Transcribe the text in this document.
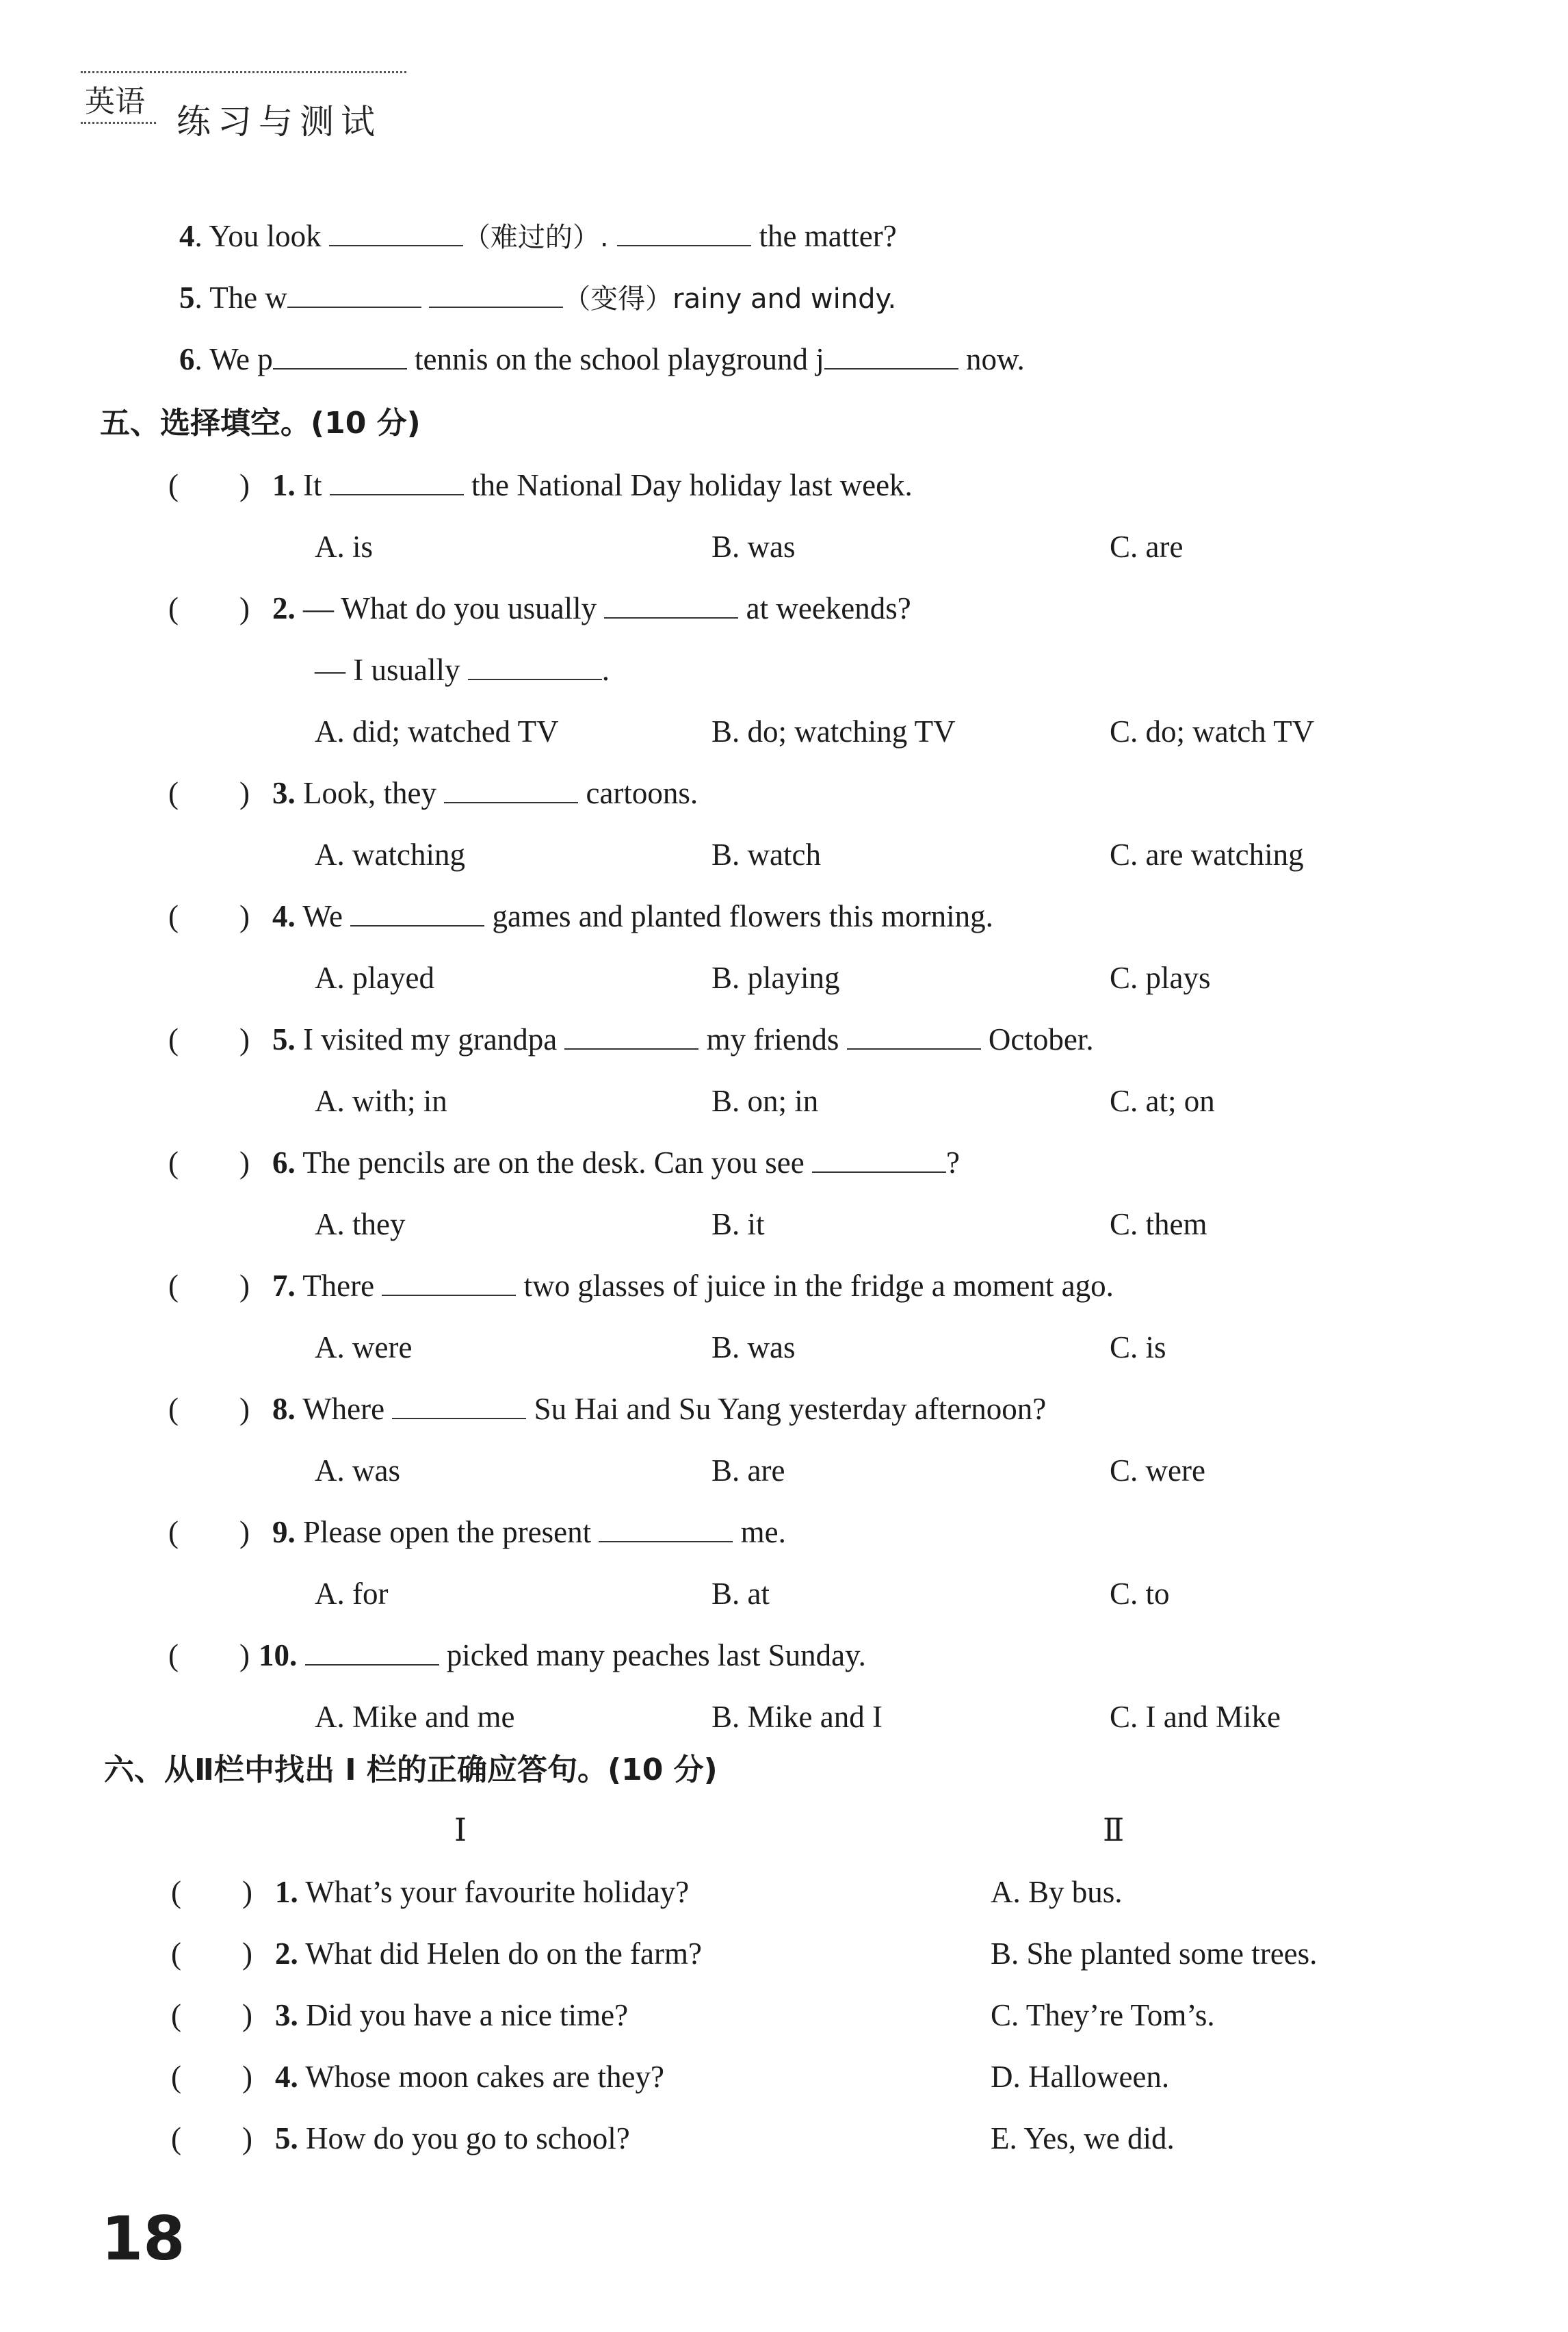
英语
练习与测试
4. You look	（难过的）.	the matter?
5. The w	（变得）rainy and windy.
6. We p	tennis on the school playground j	now.
五、选择填空。(10 分)
( ) 1. It	the National Day holiday last week.
A. is	B. was	C. are
( ) 2. — What do you usually	at weekends?
— I usually	.
A. did; watched TV	B. do; watching TV	C. do; watch TV
( ) 3. Look, they	cartoons.
A. watching	B. watch	C. are watching
( ) 4. We	games and planted flowers this morning.
A. played	B. playing	C. plays
( ) 5. I visited my grandpa	my friends	October.
A. with; in	B. on; in	C. at; on
( ) 6. The pencils are on the desk. Can you see	?
A. they	B. it	C. them
( ) 7. There	two glasses of juice in the fridge a moment ago.
A. were	B. was	C. is
( ) 8. Where	Su Hai and Su Yang yesterday afternoon?
A. was	B. are	C. were
( ) 9. Please open the present	me.
A. for	B. at	C. to
( ) 10.	picked many peaches last Sunday.
A. Mike and me	B. Mike and I	C. I and Mike
六、从Ⅱ栏中找出 I 栏的正确应答句。(10 分)
Ⅰ	Ⅱ
( ) 1. What’s your favourite holiday?	A. By bus.
( ) 2. What did Helen do on the farm?	B. She planted some trees.
( ) 3. Did you have a nice time?	C. They’re Tom’s.
( ) 4. Whose moon cakes are they?	D. Halloween.
( ) 5. How do you go to school?	E. Yes, we did.
18
